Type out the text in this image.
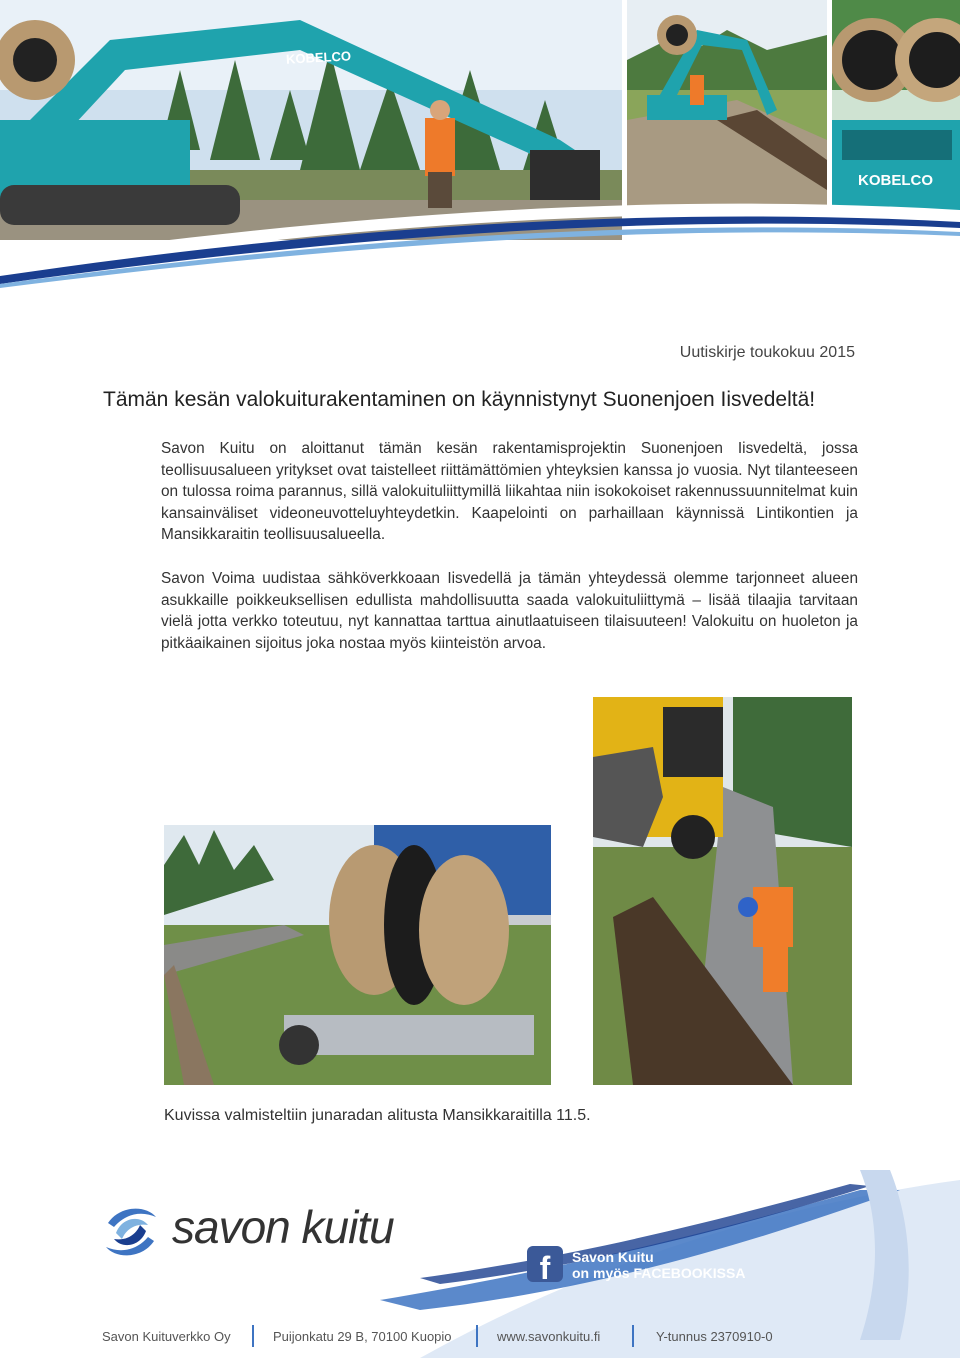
KOBELCO
KOBELCO
Uutiskirje toukokuu 2015
Tämän kesän valokuiturakentaminen on käynnistynyt Suonenjoen Iisvedeltä!

Savon Kuitu on aloittanut tämän kesän rakentamisprojektin Suonenjoen Iisvedeltä, jossa teollisuusalueen yritykset ovat taistelleet riittämättömien yhteyksien kanssa jo vuosia. Nyt tilanteeseen on tulossa roima parannus, sillä valokuituliittymillä liikahtaa niin isokokoiset rakennussuunnitelmat kuin kansainväliset videoneuvotteluyhteydetkin. Kaapelointi on parhaillaan käynnissä Lintikontien ja Mansikkaraitin teollisuusalueella.

Savon Voima uudistaa sähköverkkoaan Iisvedellä ja tämän yhteydessä olemme tarjonneet alueen asukkaille poikkeuksellisen edullista mahdollisuutta saada valokuituliittymä – lisää tilaajia tarvitaan vielä jotta verkko toteutuu, nyt kannattaa tarttua ainutlaatuiseen tilaisuuteen! Valokuitu on huoleton ja pitkäaikainen sijoitus joka nostaa myös kiinteistön arvoa.

Kuvissa valmisteltiin junaradan alitusta Mansikkaraitilla 11.5.
savon kuitu
f	Savon Kuitu
on myös FACEBOOKISSA
Savon Kuituverkko Oy	Puijonkatu 29 B, 70100 Kuopio	www.savonkuitu.fi	Y-tunnus 2370910-0
